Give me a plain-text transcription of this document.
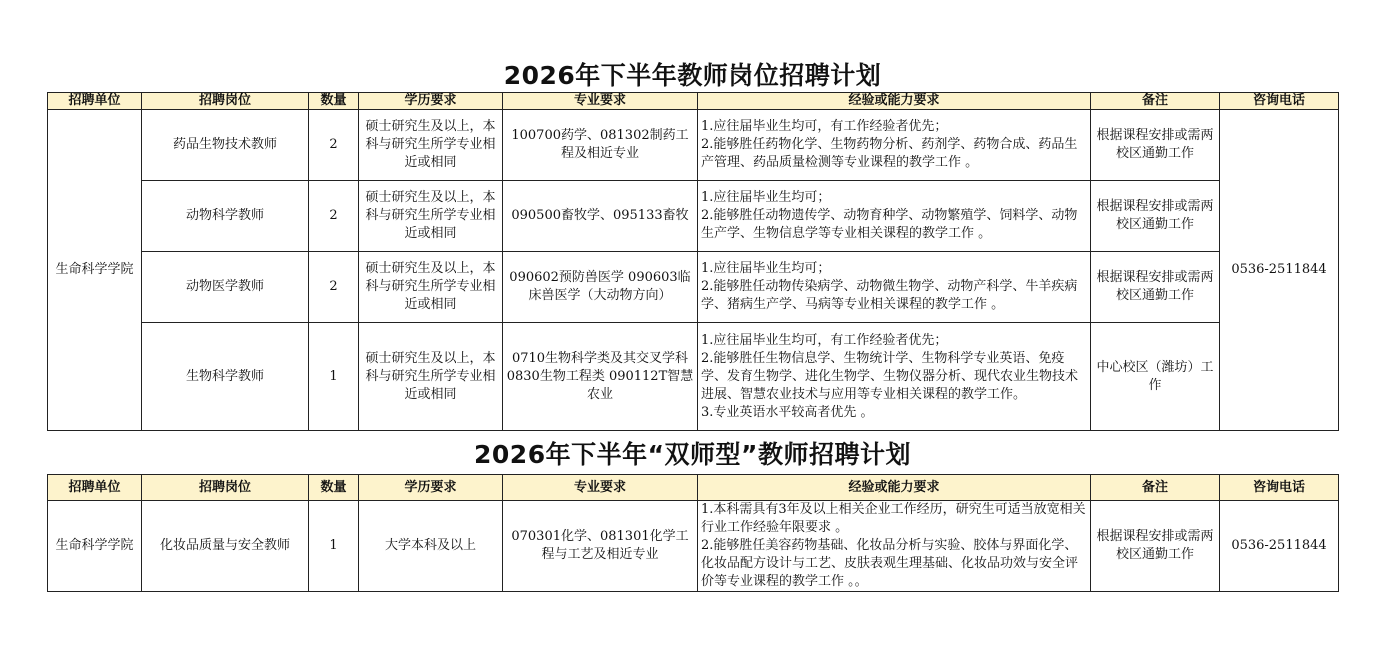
2026年下半年教师岗位招聘计划
招聘单位	招聘岗位	数量	学历要求	专业要求	经验或能力要求	备注	咨询电话
生命科学学院	药品生物技术教师	2	硕士研究生及以上，本科与研究生所学专业相近或相同	100700药学、081302制药工程及相近专业	1.应往届毕业生均可，有工作经验者优先；
2.能够胜任药物化学、生物药物分析、药剂学、药物合成、药品生产管理、药品质量检测等专业课程的教学工作 。	根据课程安排或需两校区通勤工作	0536-2511844
	动物科学教师	2	硕士研究生及以上，本科与研究生所学专业相近或相同	090500畜牧学、095133畜牧	1.应往届毕业生均可；
2.能够胜任动物遗传学、动物育种学、动物繁殖学、饲料学、动物生产学、生物信息学等专业相关课程的教学工作 。	根据课程安排或需两校区通勤工作	
	动物医学教师	2	硕士研究生及以上，本科与研究生所学专业相近或相同	090602预防兽医学 090603临床兽医学（大动物方向）	1.应往届毕业生均可；
2.能够胜任动物传染病学、动物微生物学、动物产科学、牛羊疾病学、猪病生产学、马病等专业相关课程的教学工作 。	根据课程安排或需两校区通勤工作	
	生物科学教师	1	硕士研究生及以上，本科与研究生所学专业相近或相同	0710生物科学类及其交叉学科 0830生物工程类 090112T智慧农业	1.应往届毕业生均可，有工作经验者优先；
2.能够胜任生物信息学、生物统计学、生物科学专业英语、免疫学、发育生物学、进化生物学、生物仪器分析、现代农业生物技术进展、智慧农业技术与应用等专业相关课程的教学工作。
3.专业英语水平较高者优先 。	中心校区（潍坊）工作	
2026年下半年“双师型”教师招聘计划
招聘单位	招聘岗位	数量	学历要求	专业要求	经验或能力要求	备注	咨询电话
生命科学学院	化妆品质量与安全教师	1	大学本科及以上	070301化学、081301化学工程与工艺及相近专业	1.本科需具有3年及以上相关企业工作经历，研究生可适当放宽相关行业工作经验年限要求 。
2.能够胜任美容药物基础、化妆品分析与实验、胶体与界面化学、化妆品配方设计与工艺、皮肤表观生理基础、化妆品功效与安全评价等专业课程的教学工作 。。	根据课程安排或需两校区通勤工作	0536-2511844
